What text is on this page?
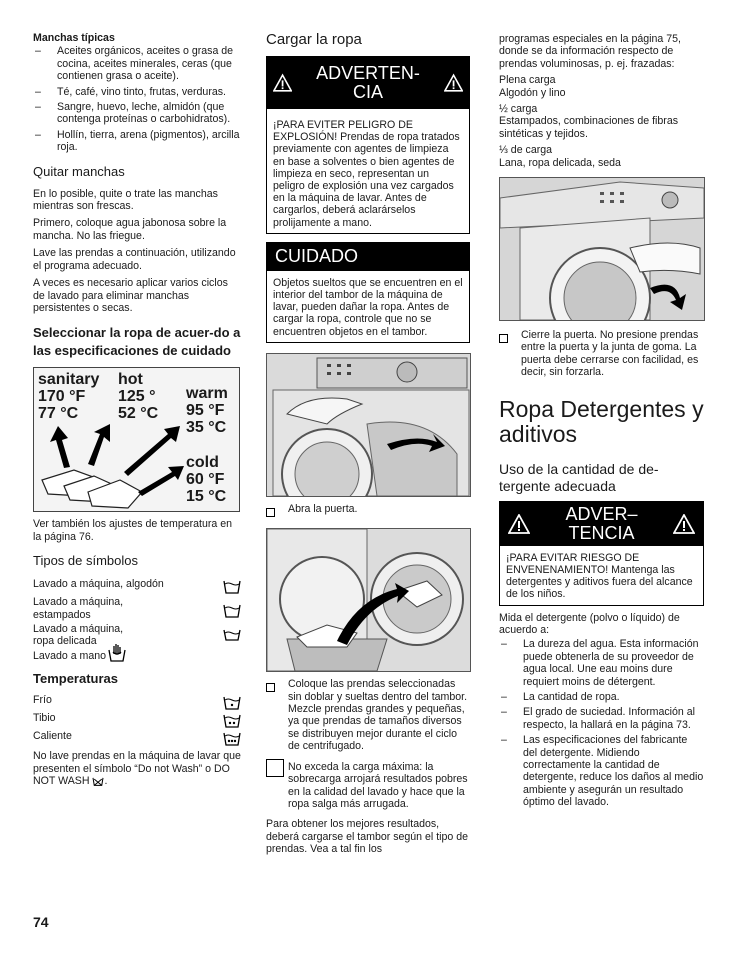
Manchas típicas

– Aceites orgánicos, aceites o grasa de cocina, aceites minerales, ceras (que contienen grasa o aceite).
– Té, café, vino tinto, frutas, verduras.
– Sangre, huevo, leche, almidón (que contenga proteínas o carbohidratos).
– Hollín, tierra, arena (pigmentos), arcilla roja.
Quitar manchas

En lo posible, quite o trate las manchas mientras son frescas.

Primero, coloque agua jabonosa sobre la mancha. No las friegue.

Lave las prendas a continuación, utilizando el programa adecuado.

A veces es necesario aplicar varios ciclos de lavado para eliminar manchas persistentes o secas.

Seleccionar la ropa de acuer-do a las especificaciones de cuidado
sanitary
170 °F
77 °C
hot
125 °
52 °C
warm
95 °F
35 °C
cold
60 °F
15 °C

Ver también los ajustes de temperatura en la página 76.

Tipos de símbolos
Lavado a máquina, algodón
Lavado a máquina, estampados
Lavado a máquina, ropa delicada
Lavado a mano
Temperaturas
Frío
Tibio
Caliente

No lave prendas en la máquina de lavar que presenten el símbolo “Do not Wash” o DO NOT WASH .

Cargar la ropa
ADVERTEN-CIA
¡PARA EVITER PELIGRO DE EXPLOSIÓN! Prendas de ropa tratados previamente con agentes de limpieza en base a solventes o bien agentes de limpieza en seco, representan un peligro de explosión una vez cargados en la máquina de lavar. Antes de cargarlos, deberá aclarárselos prolijamente a mano.
CUIDADO
Objetos sueltos que se encuentren en el interior del tambor de la máquina de lavar, pueden dañar la ropa. Antes de cargar la ropa, controle que no se encuentren objetos en el tambor.
Abra la puerta.
Coloque las prendas seleccionadas sin doblar y sueltas dentro del tambor. Mezcle prendas grandes y pequeñas, ya que prendas de tamaños diversos se distribuyen mejor durante el ciclo de centrifugado.
No exceda la carga máxima: la sobrecarga arrojará resultados pobres en la calidad del lavado y hace que la ropa salga más arrugada.

Para obtener los mejores resultados, deberá cargarse el tambor según el tipo de prendas. Vea a tal fin los

programas especiales en la página 75, donde se da información respecto de prendas voluminosas, p. ej. frazadas:

Plena carga

Algodón y lino

½ carga

Estampados, combinaciones de fibras sintéticas y tejidos.

⅓ de carga

Lana, ropa delicada, seda

Cierre la puerta. No presione prendas entre la puerta y la junta de goma. La puerta debe cerrarse con facilidad, es decir, sin forzarla.
Ropa Detergentes y aditivos
Uso de la cantidad de de-tergente adecuada
ADVER–TENCIA
¡PARA EVITAR RIESGO DE ENVENENAMIENTO! Mantenga las detergentes y aditivos fuera del alcance de los niños.

Mida el detergente (polvo o líquido) de acuerdo a:

– La dureza del agua. Esta información puede obtenerla de su proveedor de agua local. Une eau moins dure requiert moins de détergent.
– La cantidad de ropa.
– El grado de suciedad. Información al respecto, la hallará en la página 73.
– Las especificaciones del fabricante del detergente. Midiendo correctamente la cantidad de detergente, reduce los daños al medio ambiente y asegurán un resultado óptimo del lavado.
74
